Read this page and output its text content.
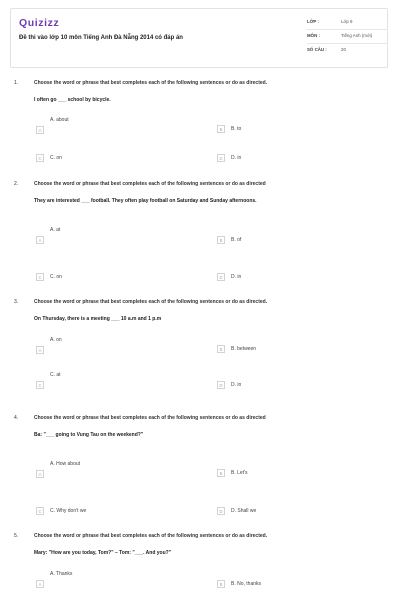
Quizizz
Đề thi vào lớp 10 môn Tiếng Anh Đà Nẵng 2014 có đáp án
LỚP :	Lớp 9
MÔN :	Tiếng Anh (mới)
SỐ CÂU :	20
1.	Choose the word or phrase that best completes each of the following sentences or do as directed.
I often go ___ school by bicycle.
A
A. about
B	B. to
C	C. on	D	D. in
2.	Choose the word or phrase that best completes each of the following sentences or do as directed
They are interested ___ football. They often play football on Saturday and Sunday afternoons.
A
A. at
B	B. of
C	C. on	D	D. in
3.	Choose the word or phrase that best completes each of the following sentences or do as directed.
On Thursday, there is a meeting ___ 10 a.m and 1 p.m
A
A. on
B	B. between
C
C. at
D	D. in
4.	Choose the word or phrase that best completes each of the following sentences or do as directed
Ba: "___ going to Vung Tau on the weekend?"
A
A. How about
B	B. Let's
C	C. Why don't we	D	D. Shall we
5.	Choose the word or phrase that best completes each of the following sentences or do as directed.
Mary: "How are you today, Tom?" – Tom: "___. And you?"
A
A. Thanks
B	B. No, thanks
